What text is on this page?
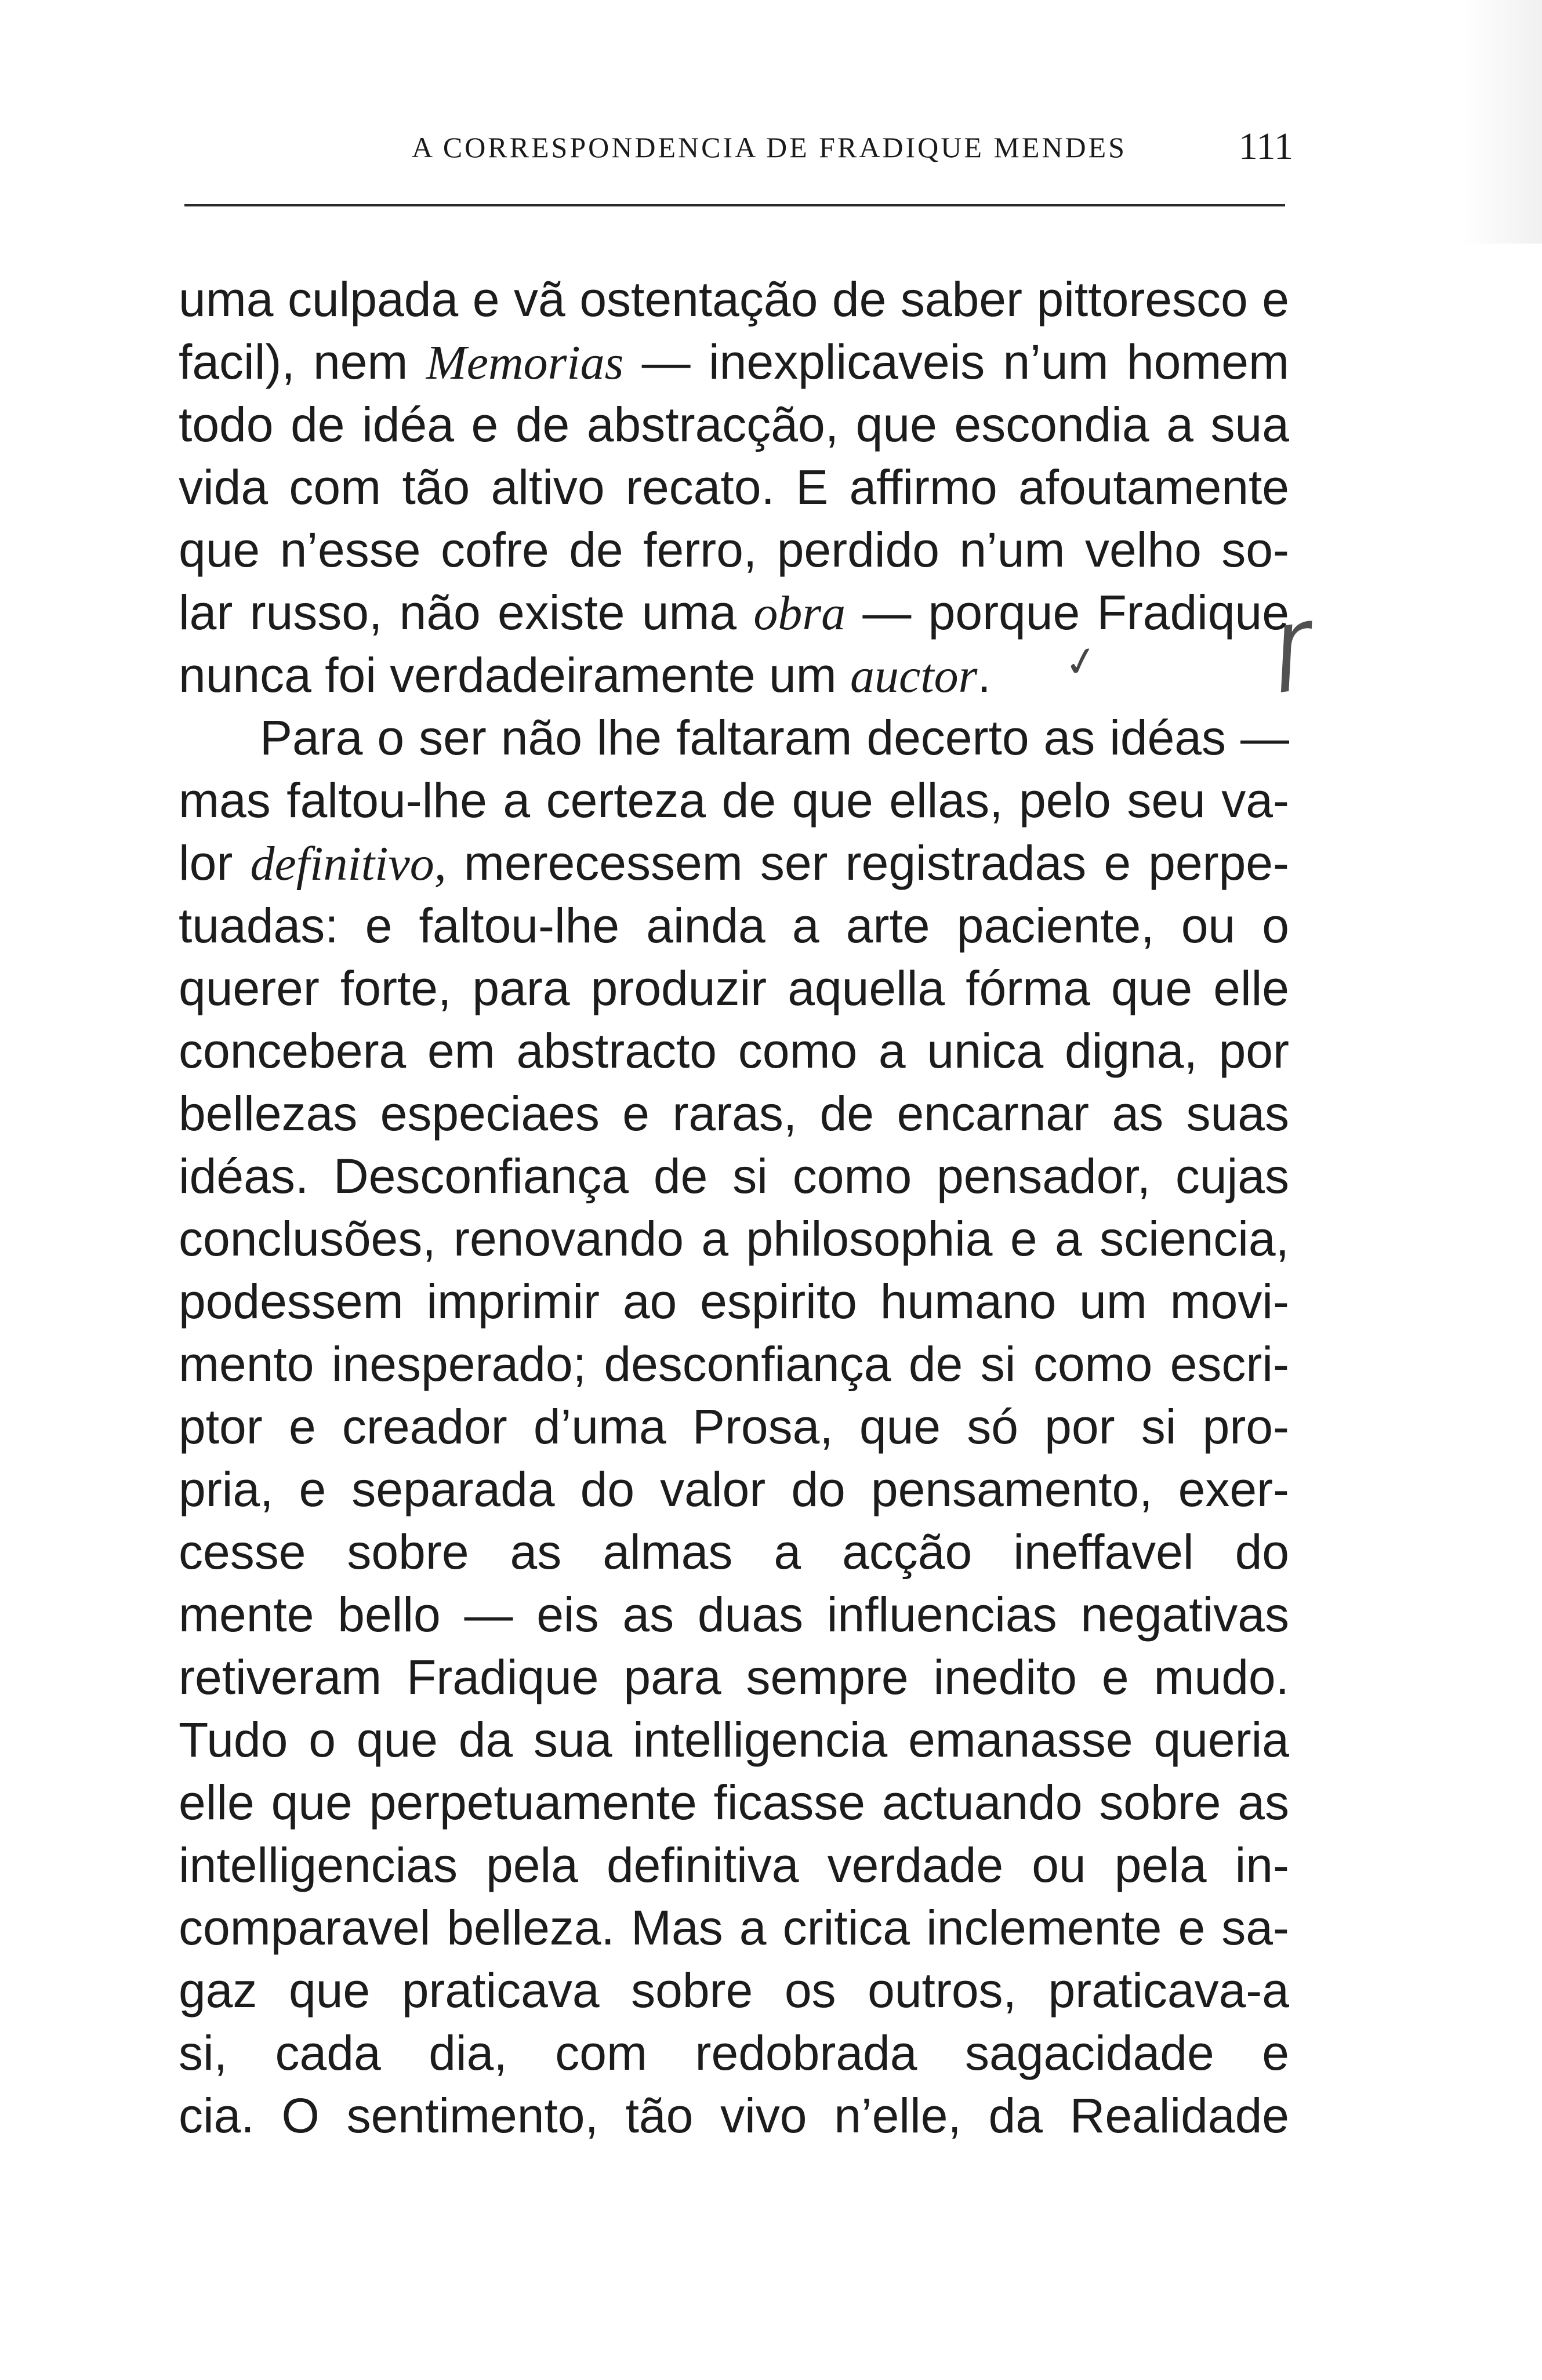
A CORRESPONDENCIA DE FRADIQUE MENDES	111
uma culpada e vã ostentação de saber pittoresco e
facil), nem Memorias — inexplicaveis n’um homem
todo de idéa e de abstracção, que escondia a sua
vida com tão altivo recato. E affirmo afoutamente
que n’esse cofre de ferro, perdido n’um velho so-
lar russo, não existe uma obra — porque Fradique
nunca foi verdadeiramente um auctor.
Para o ser não lhe faltaram decerto as idéas —
mas faltou-lhe a certeza de que ellas, pelo seu va-
lor definitivo, merecessem ser registradas e perpe-
tuadas: e faltou-lhe ainda a arte paciente, ou o
querer forte, para produzir aquella fórma que elle
concebera em abstracto como a unica digna, por
bellezas especiaes e raras, de encarnar as suas
idéas. Desconfiança de si como pensador, cujas
conclusões, renovando a philosophia e a sciencia,
podessem imprimir ao espirito humano um movi-
mento inesperado; desconfiança de si como escri-
ptor e creador d’uma Prosa, que só por si pro-
pria, e separada do valor do pensamento, exer-
cesse sobre as almas a acção ineffavel do
mente bello — eis as duas influencias negativas
retiveram Fradique para sempre inedito e mudo.
Tudo o que da sua intelligencia emanasse queria
elle que perpetuamente ficasse actuando sobre as
intelligencias pela definitiva verdade ou pela in-
comparavel belleza. Mas a critica inclemente e sa-
gaz que praticava sobre os outros, praticava-a
si, cada dia, com redobrada sagacidade e
cia. O sentimento, tão vivo n’elle, da Realidade
✓ ɼ
